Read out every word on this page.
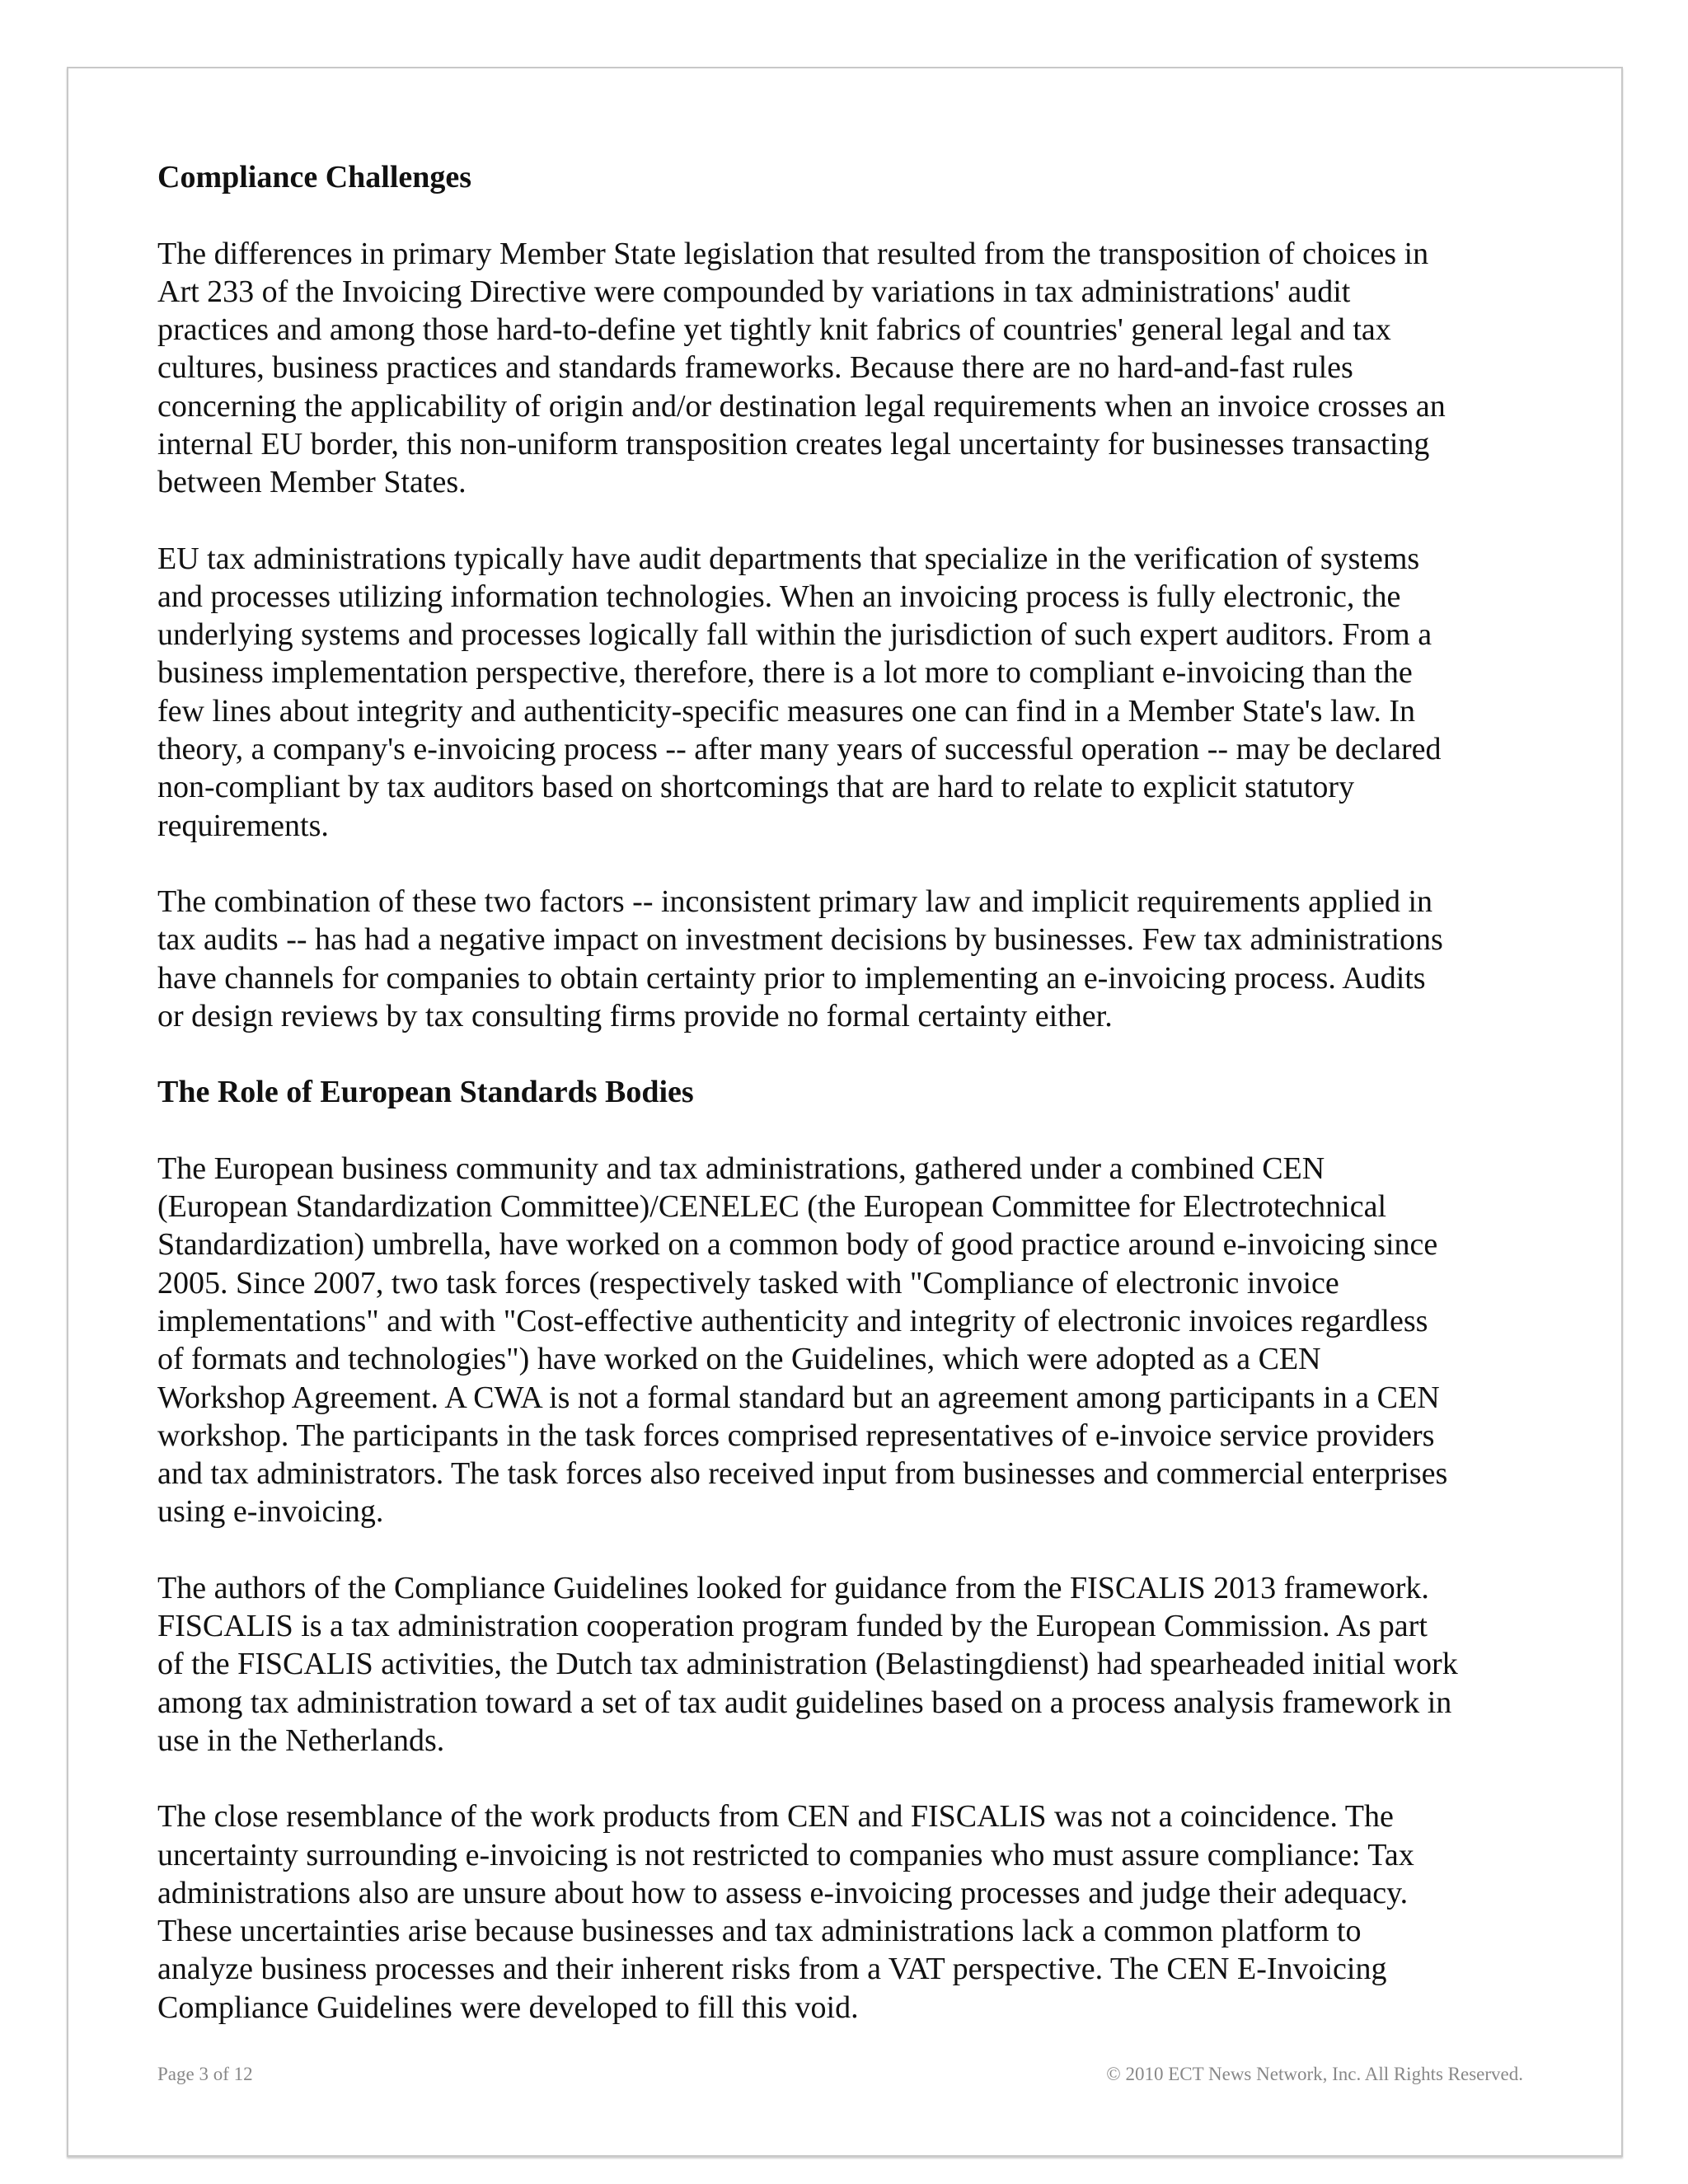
Compliance Challenges
The differences in primary Member State legislation that resulted from the transposition of choices in
Art 233 of the Invoicing Directive were compounded by variations in tax administrations' audit
practices and among those hard-to-define yet tightly knit fabrics of countries' general legal and tax
cultures, business practices and standards frameworks. Because there are no hard-and-fast rules
concerning the applicability of origin and/or destination legal requirements when an invoice crosses an
internal EU border, this non-uniform transposition creates legal uncertainty for businesses transacting
between Member States.
EU tax administrations typically have audit departments that specialize in the verification of systems
and processes utilizing information technologies. When an invoicing process is fully electronic, the
underlying systems and processes logically fall within the jurisdiction of such expert auditors. From a
business implementation perspective, therefore, there is a lot more to compliant e-invoicing than the
few lines about integrity and authenticity-specific measures one can find in a Member State's law. In
theory, a company's e-invoicing process -- after many years of successful operation -- may be declared
non-compliant by tax auditors based on shortcomings that are hard to relate to explicit statutory
requirements.
The combination of these two factors -- inconsistent primary law and implicit requirements applied in
tax audits -- has had a negative impact on investment decisions by businesses. Few tax administrations
have channels for companies to obtain certainty prior to implementing an e-invoicing process. Audits
or design reviews by tax consulting firms provide no formal certainty either.
The Role of European Standards Bodies
The European business community and tax administrations, gathered under a combined CEN
(European Standardization Committee)/CENELEC (the European Committee for Electrotechnical
Standardization) umbrella, have worked on a common body of good practice around e-invoicing since
2005. Since 2007, two task forces (respectively tasked with "Compliance of electronic invoice
implementations" and with "Cost-effective authenticity and integrity of electronic invoices regardless
of formats and technologies") have worked on the Guidelines, which were adopted as a CEN
Workshop Agreement. A CWA is not a formal standard but an agreement among participants in a CEN
workshop. The participants in the task forces comprised representatives of e-invoice service providers
and tax administrators. The task forces also received input from businesses and commercial enterprises
using e-invoicing.
The authors of the Compliance Guidelines looked for guidance from the FISCALIS 2013 framework.
FISCALIS is a tax administration cooperation program funded by the European Commission. As part
of the FISCALIS activities, the Dutch tax administration (Belastingdienst) had spearheaded initial work
among tax administration toward a set of tax audit guidelines based on a process analysis framework in
use in the Netherlands.
The close resemblance of the work products from CEN and FISCALIS was not a coincidence. The
uncertainty surrounding e-invoicing is not restricted to companies who must assure compliance: Tax
administrations also are unsure about how to assess e-invoicing processes and judge their adequacy.
These uncertainties arise because businesses and tax administrations lack a common platform to
analyze business processes and their inherent risks from a VAT perspective. The CEN E-Invoicing
Compliance Guidelines were developed to fill this void.
Page 3 of 12	© 2010 ECT News Network, Inc. All Rights Reserved.
